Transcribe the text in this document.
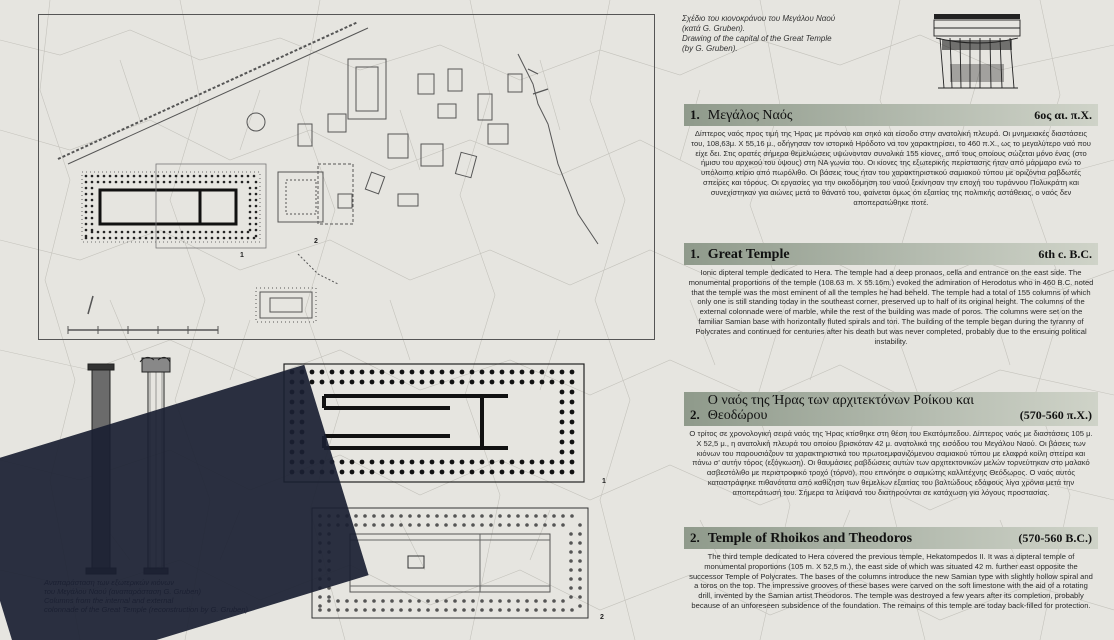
1
2
Σχέδιο του κιονοκράνου του Μεγάλου Ναού
(κατά G. Gruben).
Drawing of the capital of the Great Temple
(by G. Gruben).
1
2
1. Μεγάλος Ναός	6ος αι. π.Χ.
Δίπτερος ναός προς τιμή της Ήρας με πρόναο και σηκό και είσοδο στην ανατολική πλευρά. Οι μνημειακές διαστάσεις του, 108,63μ. Χ 55,16 μ., οδήγησαν τον ιστορικό Ηρόδοτο να τον χαρακτηρίσει, το 460 π.Χ., ως το μεγαλύτερο ναό που είχε δει. Στις ορατές σήμερα θεμελιώσεις υψώνονταν συνολικά 155 κίονες, από τους οποίους σώζεται μόνο ένας (στο ήμισυ του αρχικού του ύψους) στη ΝΑ γωνία του. Οι κίονες της εξωτερικής περίστασης ήταν από μάρμαρο ενώ το υπόλοιπο κτίριο από πωρόλιθο. Οι βάσεις τους ήταν του χαρακτηριστικού σαμιακού τύπου με οριζόντια ραβδωτές σπείρες και τόρους. Οι εργασίες για την οικοδόμηση του ναού ξεκίνησαν την εποχή του τυράννου Πολυκράτη και συνεχίστηκαν για αιώνες μετά το θάνατό του, φαίνεται όμως ότι εξαιτίας της πολιτικής αστάθειας, ο ναός δεν αποπερατώθηκε ποτέ.
1. Great Temple	6th c. B.C.
Ionic dipteral temple dedicated to Hera. The temple had a deep pronaos, cella and entrance on the east side. The monumental proportions of the temple (108.63 m. X 55.16m.) evoked the admiration of Herodotus who in 460 B.C. noted that the temple was the most eminent of all the temples he had beheld. The temple had a total of 155 columns of which only one is still standing today in the southeast corner, preserved up to half of its original height. The columns of the external colonnade were of marble, while the rest of the building was made of poros. The columns were set on the familiar Samian base with horizontally fluted spirals and tori. The building of the temple began during the tyranny of Polycrates and continued for centuries after his death but was never completed, probably due to the ensuing political instability.
2.
Ο ναός της Ήρας των αρχιτεκτόνων Ροίκου και Θεοδώρου	(570-560 π.Χ.)
Ο τρίτος σε χρονολογική σειρά ναός της Ήρας κτίσθηκε στη θέση του Εκατόμπεδου. Δίπτερος ναός με διαστάσεις 105 μ. Χ 52,5 μ., η ανατολική πλευρά του οποίου βρισκόταν 42 μ. ανατολικά της εισόδου του Μεγάλου Ναού. Οι βάσεις των κιόνων του παρουσιάζουν τα χαρακτηριστικά του πρωτοεμφανιζόμενου σαμιακού τύπου με ελαφρά κοίλη σπείρα και πάνω σ' αυτήν τόρος (εξόγκωση). Οι θαυμάσιες ραβδώσεις αυτών των αρχιτεκτονικών μελών τορνεύτηκαν στο μαλακό ασβεστόλιθο με περιστροφικό τροχό (τόρνο), που επινόησε ο σαμιώτης καλλιτέχνης Θεόδωρος. Ο ναός αυτός καταστράφηκε πιθανότατα από καθίζηση των θεμελίων εξαιτίας του βαλτώδους εδάφους λίγα χρόνια μετά την αποπεράτωσή του. Σήμερα τα λείψανά του διατηρούνται σε κατάχωση για λόγους προστασίας.
2. Temple of Rhoikos and Theodoros	(570-560 B.C.)
The third temple dedicated to Hera covered the previous temple, Hekatompedos II. It was a dipteral temple of monumental proportions (105 m. X 52,5 m.), the east side of which was situated 42 m. further east opposite the successor Temple of Polycrates. The bases of the columns introduce the new Samian type with slightly hollow spiral and a toros on the top. The impressive grooves of these bases were carved on the soft limestone with the aid of a rotating drill, invented by the Samian artist Theodoros. The temple was destroyed a few years after its completion, probably because of an unforeseen subsidence of the foundation. The remains of this temple are today back-filled for protection.
